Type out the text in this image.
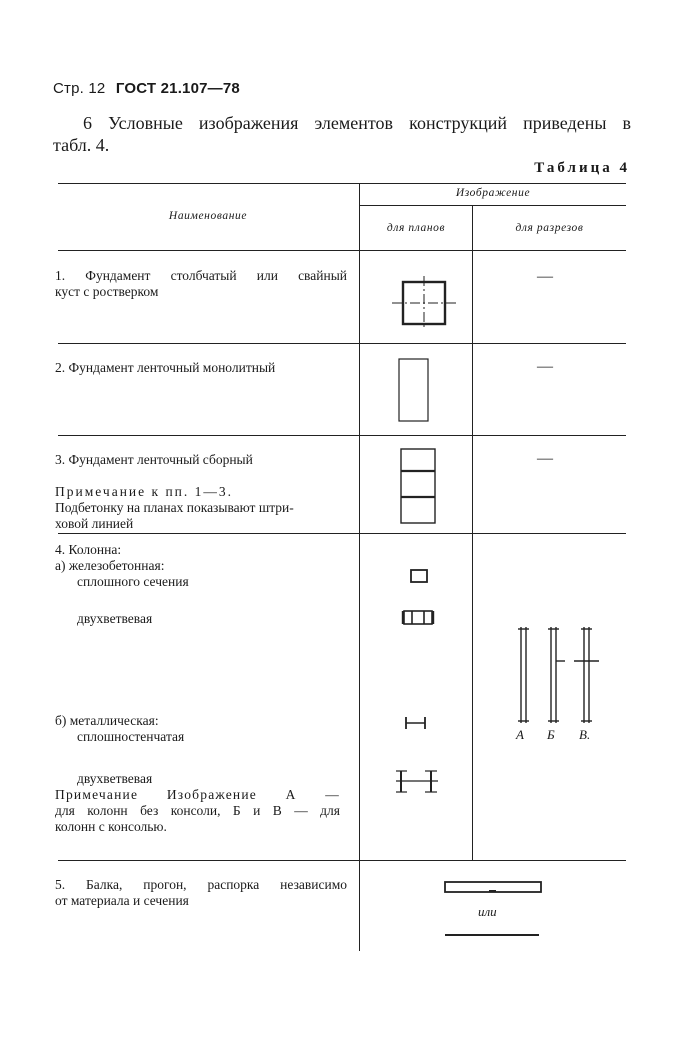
Стр. 12 ГОСТ 21.107—78
6 Условные изображения элементов конструкций приведены в
табл. 4.
Таблица 4
Наименование
Изображение
для планов	для разрезов
1. Фундамент столбчатый или свайный
куст с ростверком
—
2. Фундамент ленточный монолитный	—
3. Фундамент ленточный сборный
Примечание к пп. 1—3.
Подбетонку на планах показывают штри-
ховой линией
—
4. Колонна:
а) железобетонная:
сплошного сечения
двухветвевая
б) металлическая:
сплошностенчатая
двухветвевая
Примечание Изображение А —
для колонн без консоли, Б и В — для
колонн с консолью.
А Б В.
5. Балка, прогон, распорка независимо
от материала и сечения
или
